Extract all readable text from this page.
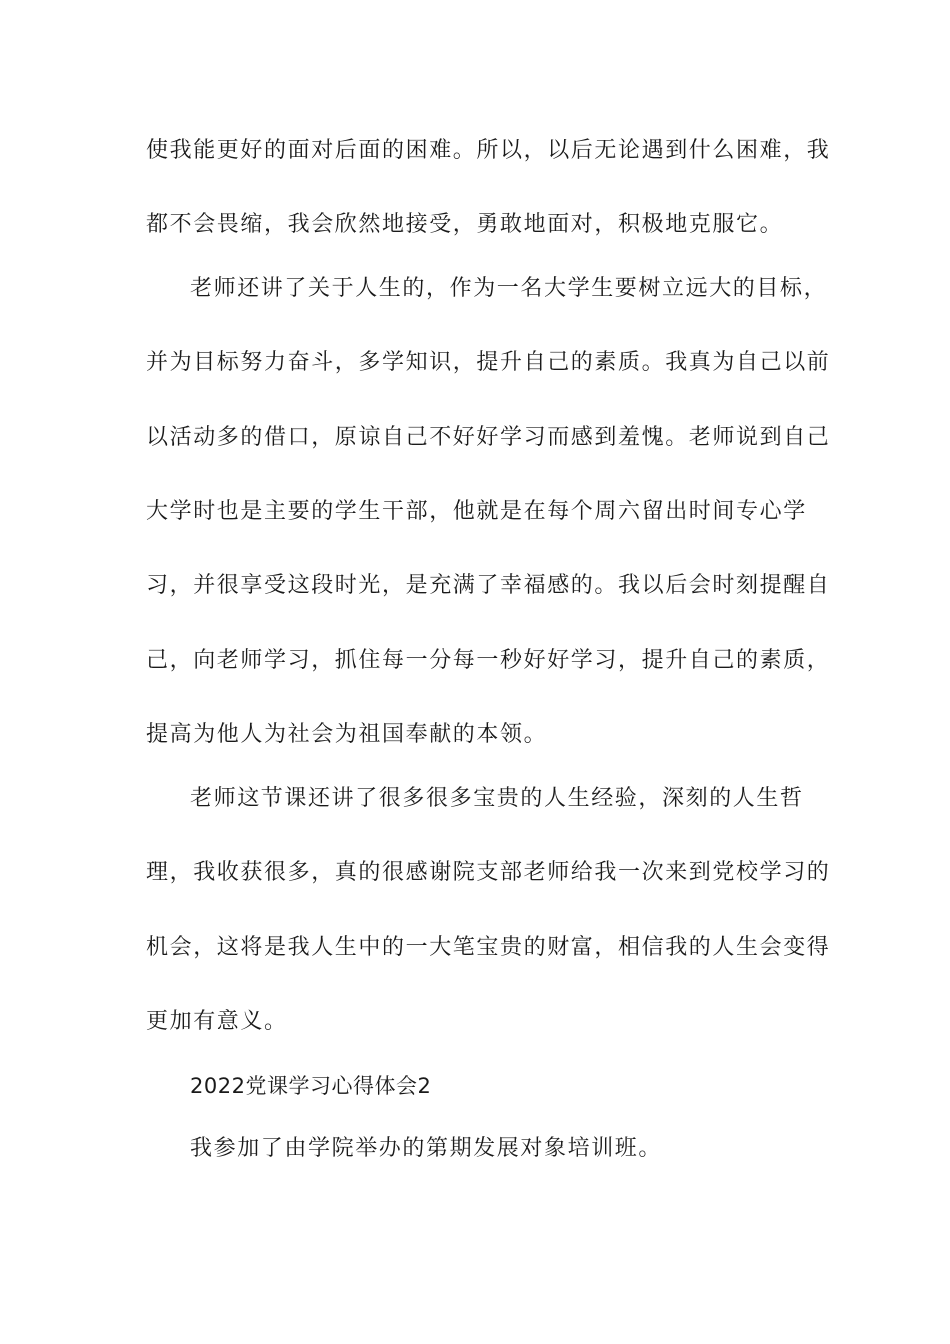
使我能更好的面对后面的困难。所以，以后无论遇到什么困难，我
都不会畏缩，我会欣然地接受，勇敢地面对，积极地克服它。
老师还讲了关于人生的，作为一名大学生要树立远大的目标，
并为目标努力奋斗，多学知识，提升自己的素质。我真为自己以前
以活动多的借口，原谅自己不好好学习而感到羞愧。老师说到自己
大学时也是主要的学生干部，他就是在每个周六留出时间专心学
习，并很享受这段时光，是充满了幸福感的。我以后会时刻提醒自
己，向老师学习，抓住每一分每一秒好好学习，提升自己的素质，
提高为他人为社会为祖国奉献的本领。
老师这节课还讲了很多很多宝贵的人生经验，深刻的人生哲
理，我收获很多，真的很感谢院支部老师给我一次来到党校学习的
机会，这将是我人生中的一大笔宝贵的财富，相信我的人生会变得
更加有意义。
2022党课学习心得体会2
我参加了由学院举办的第期发展对象培训班。
